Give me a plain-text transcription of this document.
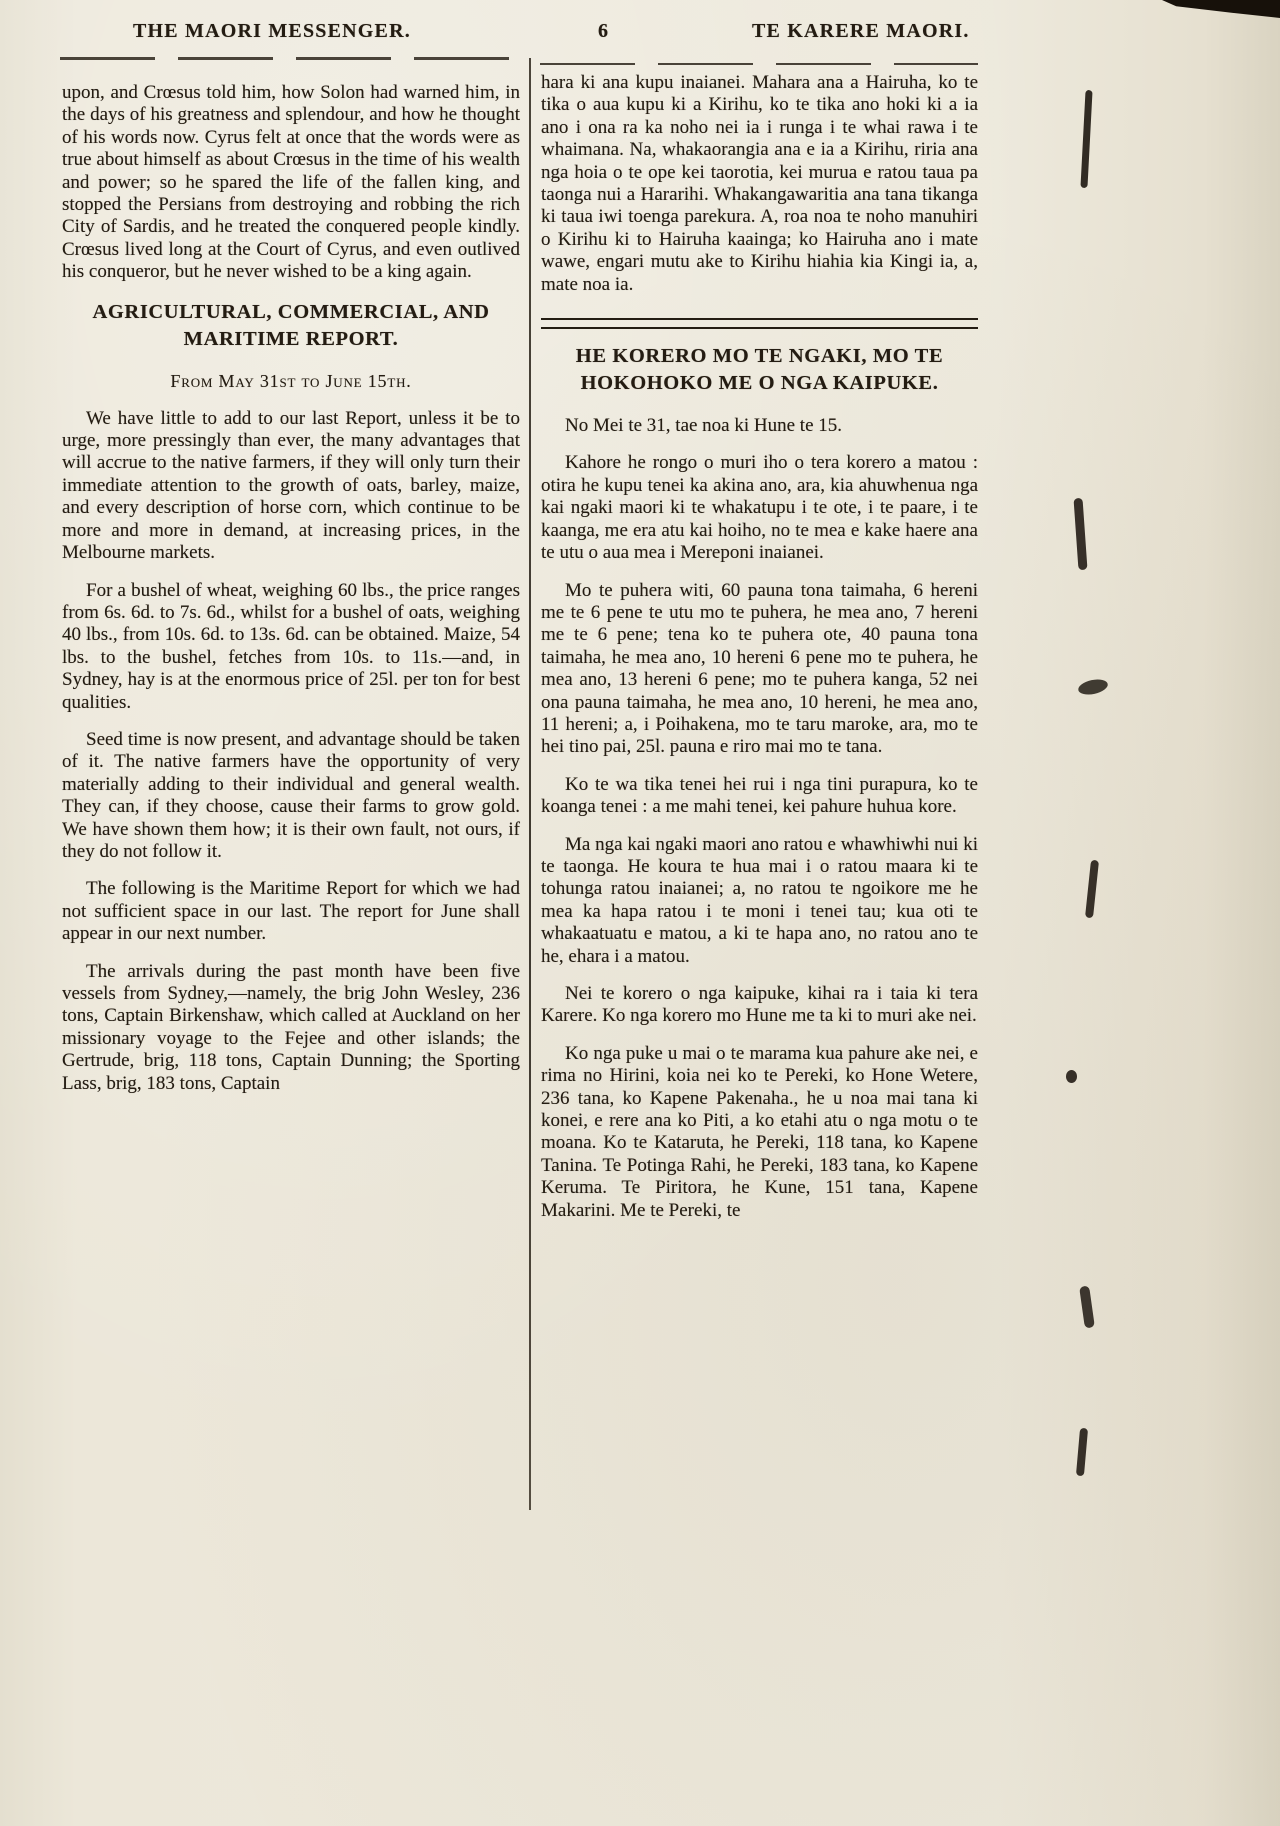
THE MAORI MESSENGER.	6	TE KARERE MAORI.

upon, and Crœsus told him, how Solon had warned him, in the days of his greatness and splendour, and how he thought of his words now. Cyrus felt at once that the words were as true about himself as about Crœsus in the time of his wealth and power; so he spared the life of the fallen king, and stopped the Persians from destroying and robbing the rich City of Sardis, and he treated the conquered people kindly. Crœsus lived long at the Court of Cyrus, and even outlived his conqueror, but he never wished to be a king again.

AGRICULTURAL, COMMERCIAL, AND MARITIME REPORT.

From May 31st to June 15th.

We have little to add to our last Report, unless it be to urge, more pressingly than ever, the many advantages that will accrue to the native farmers, if they will only turn their immediate attention to the growth of oats, barley, maize, and every description of horse corn, which continue to be more and more in demand, at increasing prices, in the Melbourne markets.

For a bushel of wheat, weighing 60 lbs., the price ranges from 6s. 6d. to 7s. 6d., whilst for a bushel of oats, weighing 40 lbs., from 10s. 6d. to 13s. 6d. can be obtained. Maize, 54 lbs. to the bushel, fetches from 10s. to 11s.—and, in Sydney, hay is at the enormous price of 25l. per ton for best qualities.

Seed time is now present, and advantage should be taken of it. The native farmers have the opportunity of very materially adding to their individual and general wealth. They can, if they choose, cause their farms to grow gold. We have shown them how; it is their own fault, not ours, if they do not follow it.

The following is the Maritime Report for which we had not sufficient space in our last. The report for June shall appear in our next number.

The arrivals during the past month have been five vessels from Sydney,—namely, the brig John Wesley, 236 tons, Captain Birkenshaw, which called at Auckland on her missionary voyage to the Fejee and other islands; the Gertrude, brig, 118 tons, Captain Dunning; the Sporting Lass, brig, 183 tons, Captain

hara ki ana kupu inaianei. Mahara ana a Hairuha, ko te tika o aua kupu ki a Kirihu, ko te tika ano hoki ki a ia ano i ona ra ka noho nei ia i runga i te whai rawa i te whaimana. Na, whakaorangia ana e ia a Kirihu, riria ana nga hoia o te ope kei taorotia, kei murua e ratou taua pa taonga nui a Hararihi. Whakangawaritia ana tana tikanga ki taua iwi toenga parekura. A, roa noa te noho manuhiri o Kirihu ki to Hairuha kaainga; ko Hairuha ano i mate wawe, engari mutu ake to Kirihu hiahia kia Kingi ia, a, mate noa ia.

HE KORERO MO TE NGAKI, MO TE HOKOHOKO ME O NGA KAIPUKE.

No Mei te 31, tae noa ki Hune te 15.

Kahore he rongo o muri iho o tera korero a matou : otira he kupu tenei ka akina ano, ara, kia ahuwhenua nga kai ngaki maori ki te whakatupu i te ote, i te paare, i te kaanga, me era atu kai hoiho, no te mea e kake haere ana te utu o aua mea i Mereponi inaianei.

Mo te puhera witi, 60 pauna tona taimaha, 6 hereni me te 6 pene te utu mo te puhera, he mea ano, 7 hereni me te 6 pene; tena ko te puhera ote, 40 pauna tona taimaha, he mea ano, 10 hereni 6 pene mo te puhera, he mea ano, 13 hereni 6 pene; mo te puhera kanga, 52 nei ona pauna taimaha, he mea ano, 10 hereni, he mea ano, 11 hereni; a, i Poihakena, mo te taru maroke, ara, mo te hei tino pai, 25l. pauna e riro mai mo te tana.

Ko te wa tika tenei hei rui i nga tini purapura, ko te koanga tenei : a me mahi tenei, kei pahure huhua kore.

Ma nga kai ngaki maori ano ratou e whawhiwhi nui ki te taonga. He koura te hua mai i o ratou maara ki te tohunga ratou inaianei; a, no ratou te ngoikore me he mea ka hapa ratou i te moni i tenei tau; kua oti te whakaatuatu e matou, a ki te hapa ano, no ratou ano te he, ehara i a matou.

Nei te korero o nga kaipuke, kihai ra i taia ki tera Karere. Ko nga korero mo Hune me ta ki to muri ake nei.

Ko nga puke u mai o te marama kua pahure ake nei, e rima no Hirini, koia nei ko te Pereki, ko Hone Wetere, 236 tana, ko Kapene Pakenaha., he u noa mai tana ki konei, e rere ana ko Piti, a ko etahi atu o nga motu o te moana. Ko te Kataruta, he Pereki, 118 tana, ko Kapene Tanina. Te Potinga Rahi, he Pereki, 183 tana, ko Kapene Keruma. Te Piritora, he Kune, 151 tana, Kapene Makarini. Me te Pereki, te
